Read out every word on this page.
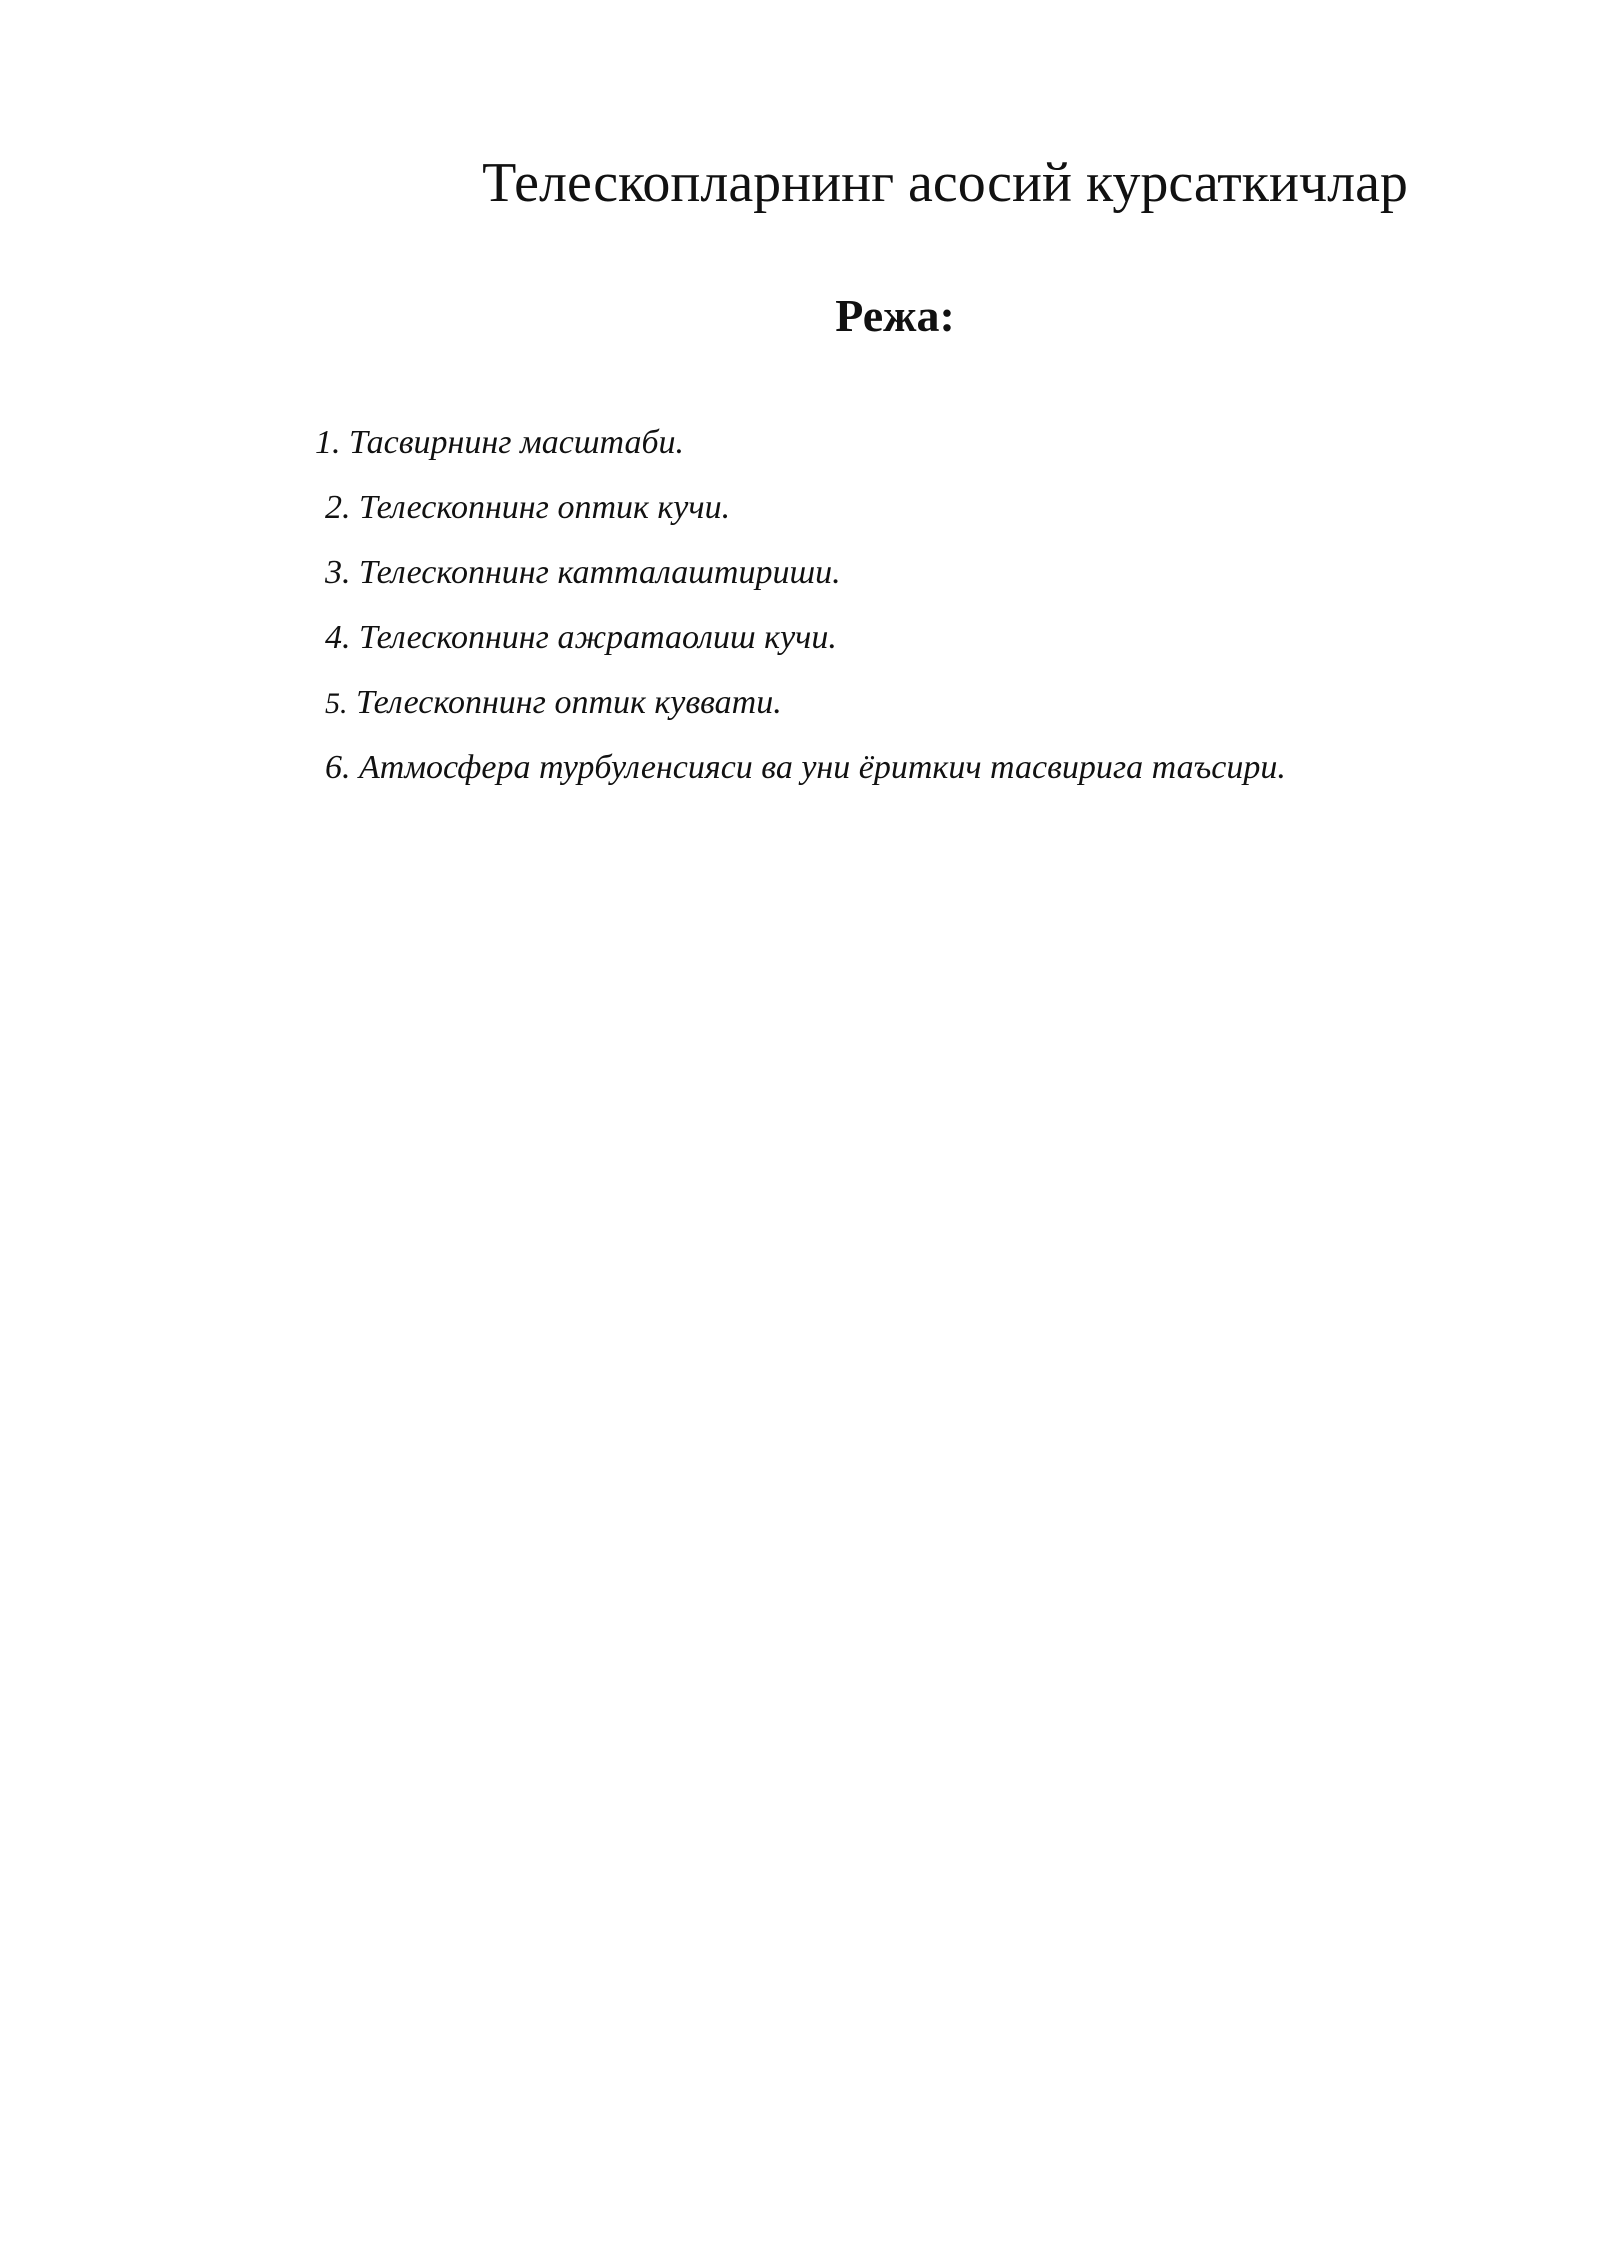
Телескопларнинг асосий курсаткичлар
Режа:
1. Тасвирнинг масштаби.
2. Телескопнинг оптик кучи.
3. Телескопнинг катталаштириши.
4. Телескопнинг ажратаолиш кучи.
5. Телескопнинг оптик куввати.
6. Атмосфера турбуленсияси ва уни ёриткич тасвирига таъсири.
